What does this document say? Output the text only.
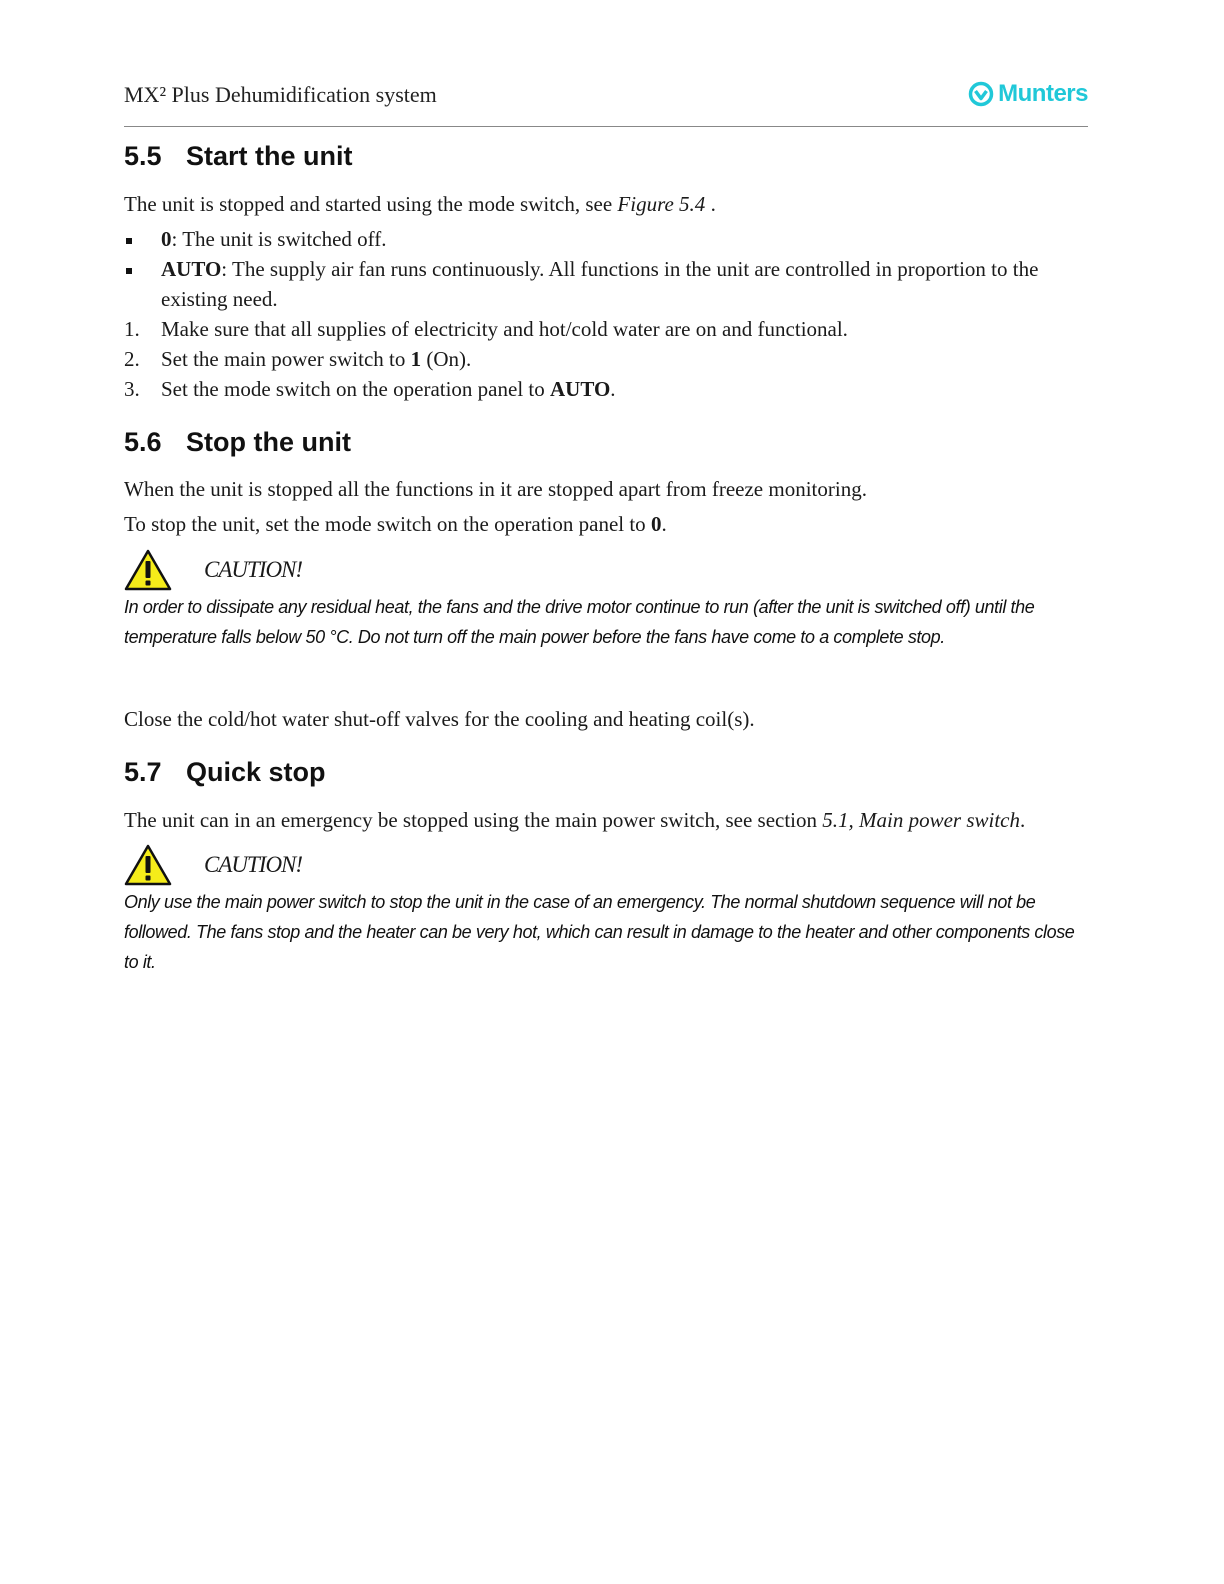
MX² Plus Dehumidification system	Munters
5.5 Start the unit
The unit is stopped and started using the mode switch, see Figure 5.4 .
0: The unit is switched off.
AUTO: The supply air fan runs continuously. All functions in the unit are controlled in proportion to the existing need.
1. Make sure that all supplies of electricity and hot/cold water are on and functional.
2. Set the main power switch to 1 (On).
3. Set the mode switch on the operation panel to AUTO.
5.6 Stop the unit
When the unit is stopped all the functions in it are stopped apart from freeze monitoring.
To stop the unit, set the mode switch on the operation panel to 0.
CAUTION!
In order to dissipate any residual heat, the fans and the drive motor continue to run (after the unit is switched off) until the temperature falls below 50 °C. Do not turn off the main power before the fans have come to a complete stop.
Close the cold/hot water shut-off valves for the cooling and heating coil(s).
5.7 Quick stop
The unit can in an emergency be stopped using the main power switch, see section 5.1, Main power switch.
CAUTION!
Only use the main power switch to stop the unit in the case of an emergency. The normal shutdown sequence will not be followed. The fans stop and the heater can be very hot, which can result in damage to the heater and other components close to it.
